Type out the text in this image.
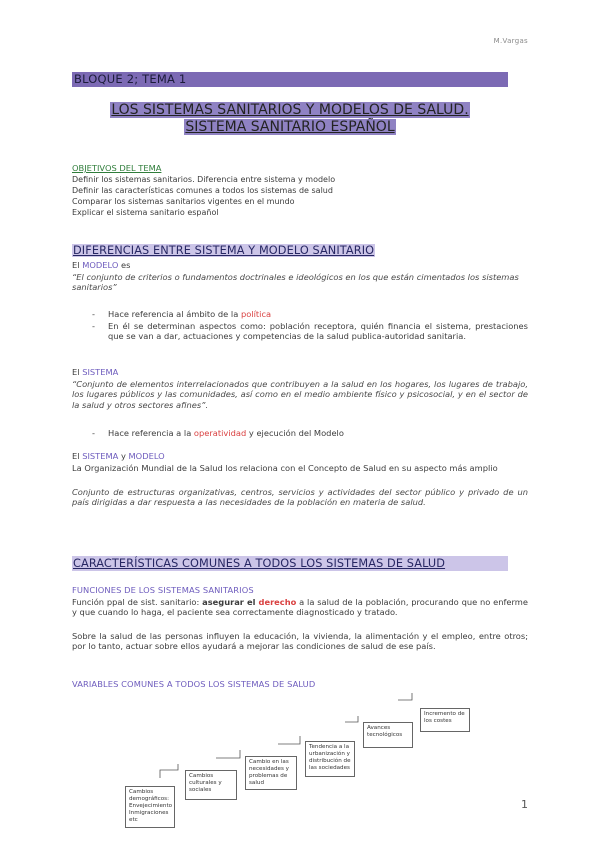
M.Vargas
BLOQUE 2; TEMA 1
LOS SISTEMAS SANITARIOS Y MODELOS DE SALUD.
SISTEMA SANITARIO ESPAÑOL
OBJETIVOS DEL TEMA
Definir los sistemas sanitarios. Diferencia entre sistema y modelo
Definir las características comunes a todos los sistemas de salud
Comparar los sistemas sanitarios vigentes en el mundo
Explicar el sistema sanitario español
DIFERENCIAS ENTRE SISTEMA Y MODELO SANITARIO
El MODELO es
“El conjunto de criterios o fundamentos doctrinales e ideológicos en los que están cimentados los sistemas sanitarios”
- Hace referencia al ámbito de la política
- En él se determinan aspectos como: población receptora, quién financia el sistema, prestaciones que se van a dar, actuaciones y competencias de la salud publica-autoridad sanitaria.
El SISTEMA
“Conjunto de elementos interrelacionados que contribuyen a la salud en los hogares, los lugares de trabajo, los lugares públicos y las comunidades, así como en el medio ambiente físico y psicosocial, y en el sector de la salud y otros sectores afines”.
- Hace referencia a la operatividad y ejecución del Modelo
El SISTEMA y MODELO
La Organización Mundial de la Salud los relaciona con el Concepto de Salud en su aspecto más amplio
Conjunto de estructuras organizativas, centros, servicios y actividades del sector público y privado de un país dirigidas a dar respuesta a las necesidades de la población en materia de salud.
CARACTERÍSTICAS COMUNES A TODOS LOS SISTEMAS DE SALUD
FUNCIONES DE LOS SISTEMAS SANITARIOS
Función ppal de sist. sanitario: asegurar el derecho a la salud de la población, procurando que no enferme y que cuando lo haga, el paciente sea correctamente diagnosticado y tratado.
Sobre la salud de las personas influyen la educación, la vivienda, la alimentación y el empleo, entre otros; por lo tanto, actuar sobre ellos ayudará a mejorar las condiciones de salud de ese país.
VARIABLES COMUNES A TODOS LOS SISTEMAS DE SALUD
Cambios demográficos: Envejecimiento Inmigraciones etc
Cambios culturales y sociales
Cambio en las necesidades y problemas de salud
Tendencia a la urbanización y distribución de las sociedades
Avances tecnológicos
Incremento de los costes
1
